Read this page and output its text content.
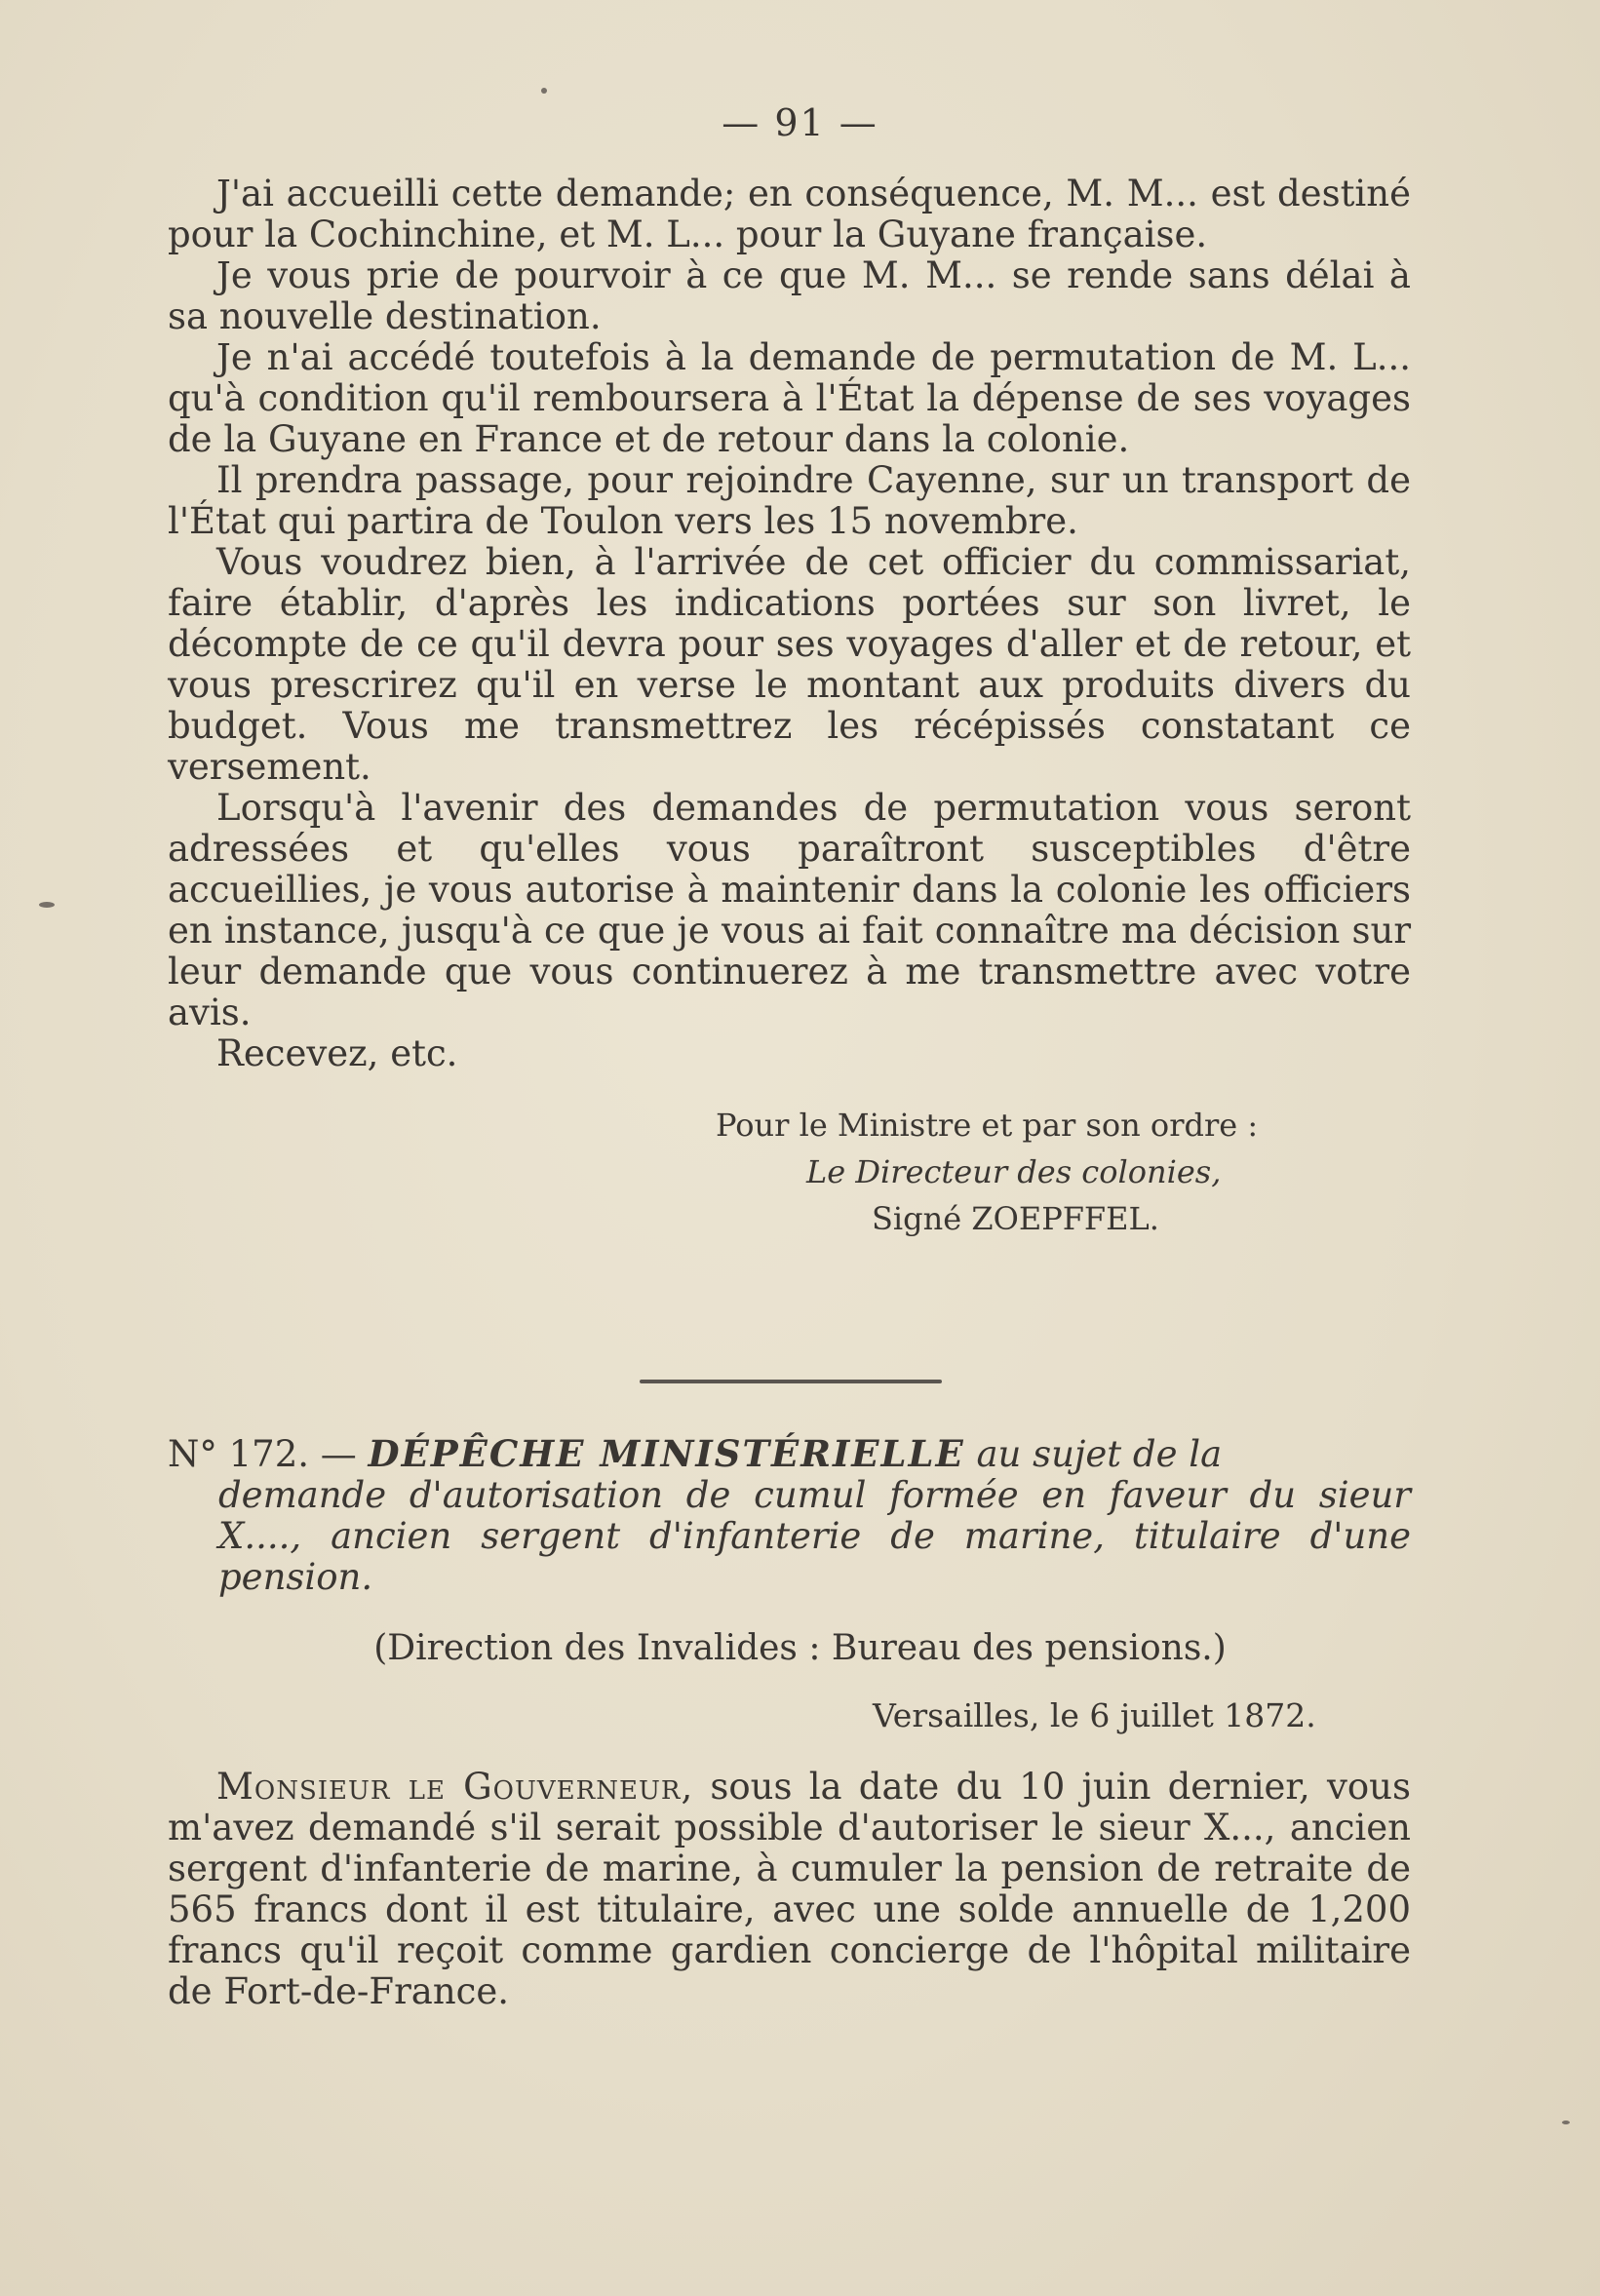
— 91 —

J'ai accueilli cette demande; en conséquence, M. M... est destiné pour la Cochinchine, et M. L... pour la Guyane française.

Je vous prie de pourvoir à ce que M. M... se rende sans délai à sa nouvelle destination.

Je n'ai accédé toutefois à la demande de permutation de M. L... qu'à condition qu'il remboursera à l'État la dépense de ses voyages de la Guyane en France et de retour dans la colonie.

Il prendra passage, pour rejoindre Cayenne, sur un transport de l'État qui partira de Toulon vers les 15 novembre.

Vous voudrez bien, à l'arrivée de cet officier du commissariat, faire établir, d'après les indications portées sur son livret, le décompte de ce qu'il devra pour ses voyages d'aller et de retour, et vous prescrirez qu'il en verse le montant aux produits divers du budget. Vous me transmettrez les récépissés constatant ce versement.

Lorsqu'à l'avenir des demandes de permutation vous seront adressées et qu'elles vous paraîtront susceptibles d'être accueillies, je vous autorise à maintenir dans la colonie les officiers en instance, jusqu'à ce que je vous ai fait connaître ma décision sur leur demande que vous continuerez à me transmettre avec votre avis.

Recevez, etc.

Pour le Ministre et par son ordre :
Le Directeur des colonies,
Signé ZOEPFFEL.
N° 172. — DÉPÊCHE MINISTÉRIELLE au sujet de la
demande d'autorisation de cumul formée en faveur du sieur X...., ancien sergent d'infanterie de marine, titulaire d'une pension.
(Direction des Invalides : Bureau des pensions.)
Versailles, le 6 juillet 1872.

Monsieur le Gouverneur, sous la date du 10 juin dernier, vous m'avez demandé s'il serait possible d'autoriser le sieur X..., ancien sergent d'infanterie de marine, à cumuler la pension de retraite de 565 francs dont il est titulaire, avec une solde annuelle de 1,200 francs qu'il reçoit comme gardien concierge de l'hôpital militaire de Fort-de-France.
